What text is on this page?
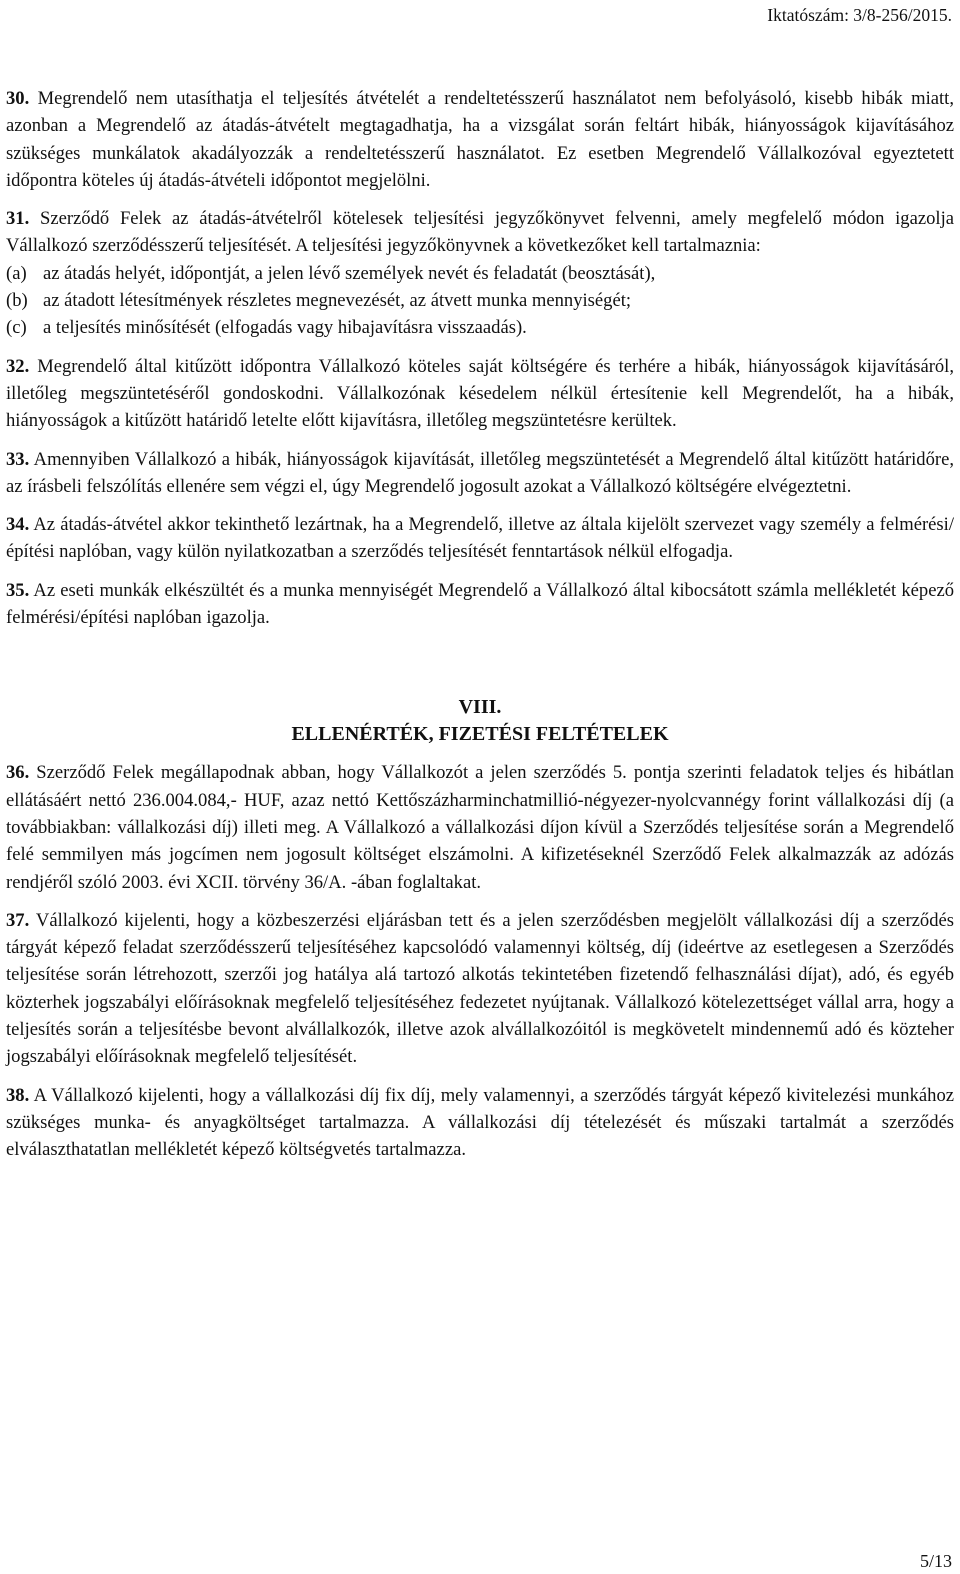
Iktatószám: 3/8-256/2015.

30. Megrendelő nem utasíthatja el teljesítés átvételét a rendeltetésszerű használatot nem befolyásoló, kisebb hibák miatt, azonban a Megrendelő az átadás-átvételt megtagadhatja, ha a vizsgálat során feltárt hibák, hiányosságok kijavításához szükséges munkálatok akadályozzák a rendeltetésszerű használatot. Ez esetben Megrendelő Vállalkozóval egyeztetett időpontra köteles új átadás-átvételi időpontot megjelölni.

31. Szerződő Felek az átadás-átvételről kötelesek teljesítési jegyzőkönyvet felvenni, amely megfelelő módon igazolja Vállalkozó szerződésszerű teljesítését. A teljesítési jegyzőkönyvnek a következőket kell tartalmaznia:

(a) az átadás helyét, időpontját, a jelen lévő személyek nevét és feladatát (beosztását),
(b) az átadott létesítmények részletes megnevezését, az átvett munka mennyiségét;
(c) a teljesítés minősítését (elfogadás vagy hibajavításra visszaadás).

32. Megrendelő által kitűzött időpontra Vállalkozó köteles saját költségére és terhére a hibák, hiányosságok kijavításáról, illetőleg megszüntetéséről gondoskodni. Vállalkozónak késedelem nélkül értesítenie kell Megrendelőt, ha a hibák, hiányosságok a kitűzött határidő letelte előtt kijavításra, illetőleg megszüntetésre kerültek.

33. Amennyiben Vállalkozó a hibák, hiányosságok kijavítását, illetőleg megszüntetését a Megrendelő által kitűzött határidőre, az írásbeli felszólítás ellenére sem végzi el, úgy Megrendelő jogosult azokat a Vállalkozó költségére elvégeztetni.

34. Az átadás-átvétel akkor tekinthető lezártnak, ha a Megrendelő, illetve az általa kijelölt szervezet vagy személy a felmérési/építési naplóban, vagy külön nyilatkozatban a szerződés teljesítését fenntartások nélkül elfogadja.

35. Az eseti munkák elkészültét és a munka mennyiségét Megrendelő a Vállalkozó által kibocsátott számla mellékletét képező felmérési/építési naplóban igazolja.

VIII.
ELLENÉRTÉK, FIZETÉSI FELTÉTELEK

36. Szerződő Felek megállapodnak abban, hogy Vállalkozót a jelen szerződés 5. pontja szerinti feladatok teljes és hibátlan ellátásáért nettó 236.004.084,- HUF, azaz nettó Kettőszázharminchatmillió-négyezer-nyolcvannégy forint vállalkozási díj (a továbbiakban: vállalkozási díj) illeti meg. A Vállalkozó a vállalkozási díjon kívül a Szerződés teljesítése során a Megrendelő felé semmilyen más jogcímen nem jogosult költséget elszámolni. A kifizetéseknél Szerződő Felek alkalmazzák az adózás rendjéről szóló 2003. évi XCII. törvény 36/A. -ában foglaltakat.

37. Vállalkozó kijelenti, hogy a közbeszerzési eljárásban tett és a jelen szerződésben megjelölt vállalkozási díj a szerződés tárgyát képező feladat szerződésszerű teljesítéséhez kapcsolódó valamennyi költség, díj (ideértve az esetlegesen a Szerződés teljesítése során létrehozott, szerzői jog hatálya alá tartozó alkotás tekintetében fizetendő felhasználási díjat), adó, és egyéb közterhek jogszabályi előírásoknak megfelelő teljesítéséhez fedezetet nyújtanak. Vállalkozó kötelezettséget vállal arra, hogy a teljesítés során a teljesítésbe bevont alvállalkozók, illetve azok alvállalkozóitól is megkövetelt mindennemű adó és közteher jogszabályi előírásoknak megfelelő teljesítését.

38. A Vállalkozó kijelenti, hogy a vállalkozási díj fix díj, mely valamennyi, a szerződés tárgyát képező kivitelezési munkához szükséges munka- és anyagköltséget tartalmazza. A vállalkozási díj tételezését és műszaki tartalmát a szerződés elválaszthatatlan mellékletét képező költségvetés tartalmazza.

5/13
